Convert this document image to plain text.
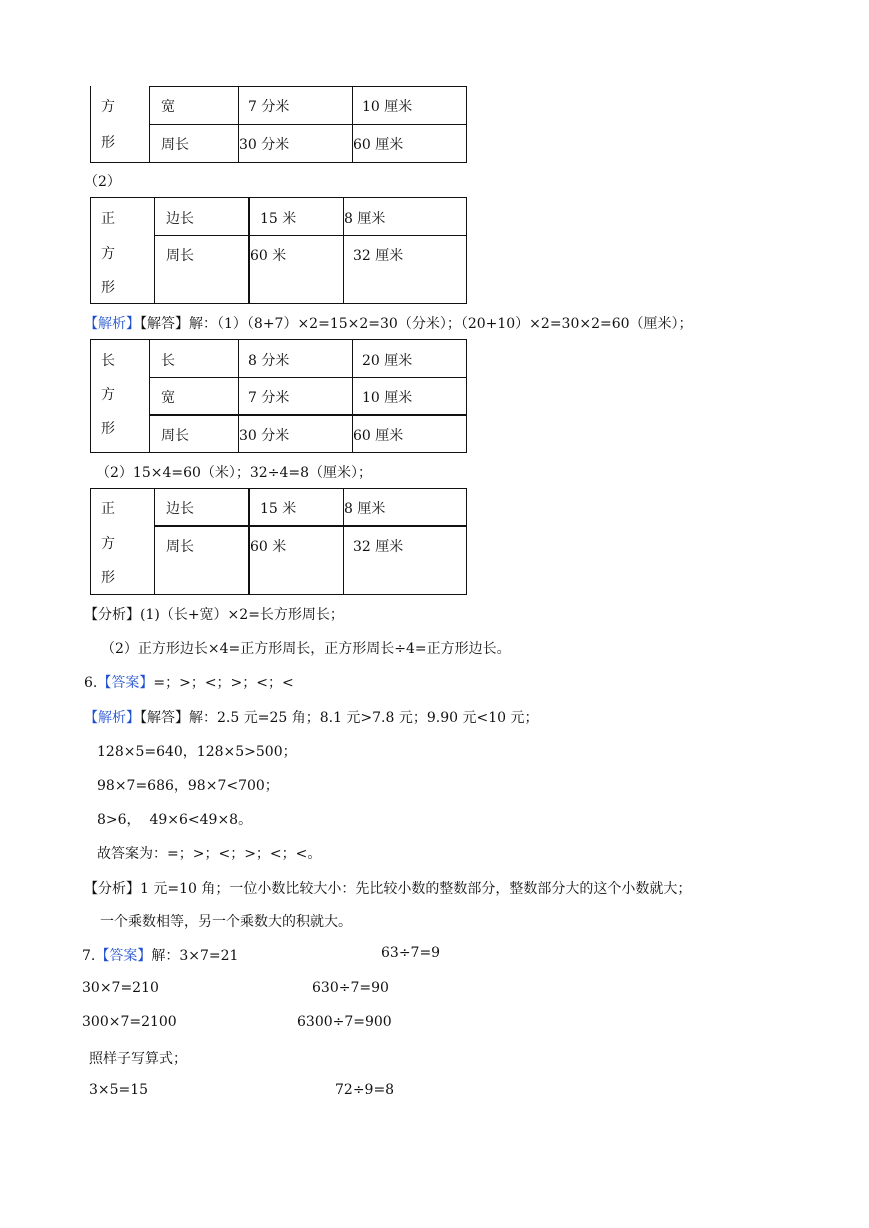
方
形
宽	7 分米	10 厘米
周长	30 分米	60 厘米
（2）
正
方
形
边长	15 米	8 厘米
周长	60 米	32 厘米
【解析】【解答】解：（1）（8+7）×2=15×2=30（分米）；（20+10）×2=30×2=60（厘米）；
长
方
形
长	8 分米	20 厘米
宽	7 分米	10 厘米
周长	30 分米	60 厘米
（2）15×4=60（米）；32÷4=8（厘米）；
正
方
形
边长	15 米	8 厘米
周长	60 米	32 厘米
【分析】(1)（长+宽）×2=长方形周长；
（2）正方形边长×4=正方形周长，正方形周长÷4=正方形边长。
6.【答案】=；>；<；>；<；<
【解析】【解答】解：2.5 元=25 角；8.1 元>7.8 元；9.90 元<10 元；
128×5=640，128×5>500；
98×7=686，98×7<700；
8>6，  49×6<49×8。
故答案为：=；>；<；>；<；<。
【分析】1 元=10 角；一位小数比较大小：先比较小数的整数部分，整数部分大的这个小数就大；
一个乘数相等，另一个乘数大的积就大。
7.【答案】解：3×7=21	63÷7=9
30×7=210	630÷7=90
300×7=2100	6300÷7=900
照样子写算式；
3×5=15	72÷9=8
